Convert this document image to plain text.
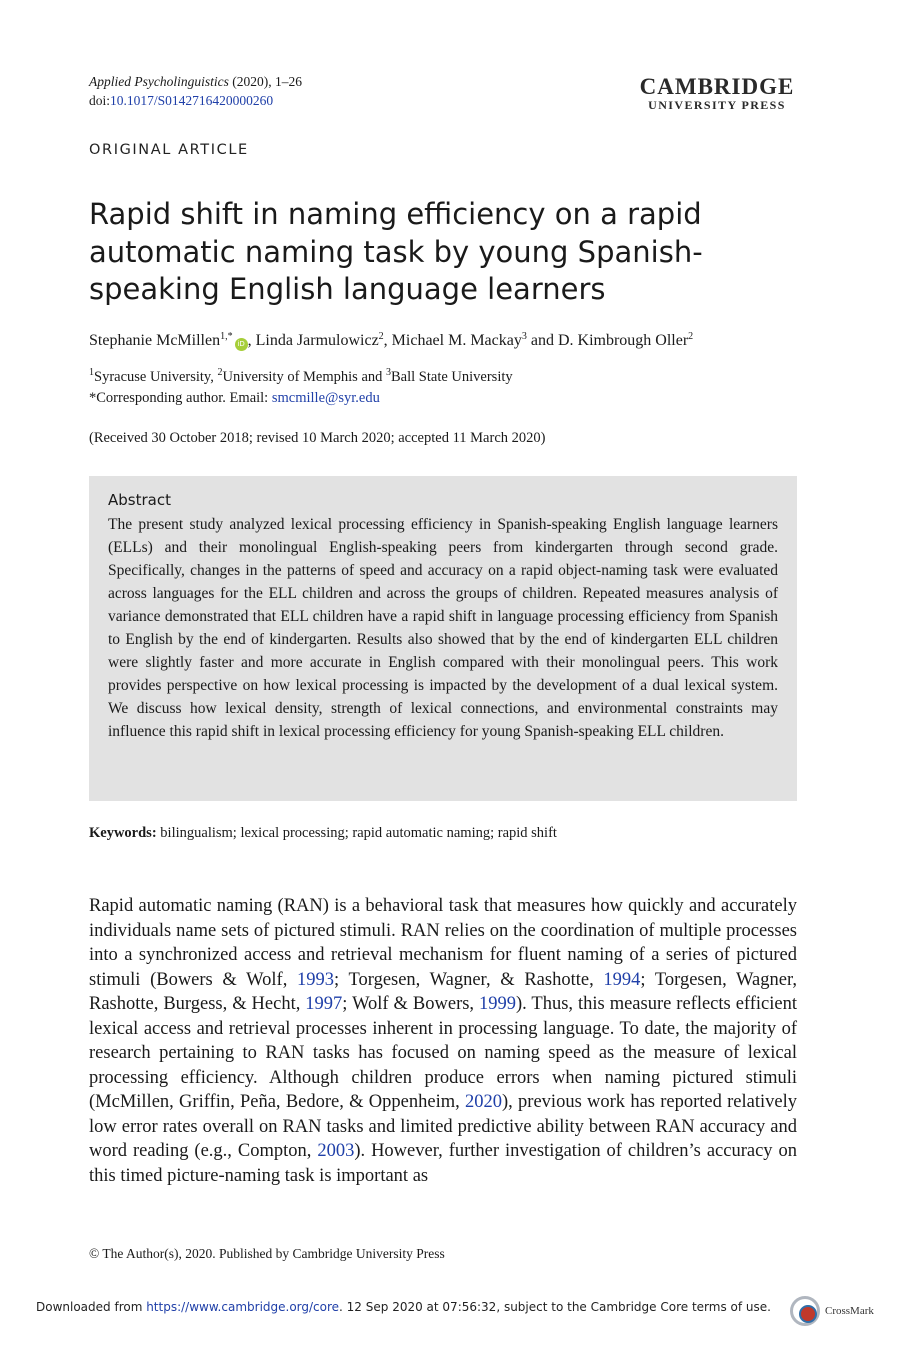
Applied Psycholinguistics (2020), 1–26
doi:10.1017/S0142716420000260
CAMBRIDGE
UNIVERSITY PRESS
ORIGINAL ARTICLE
Rapid shift in naming efficiency on a rapid automatic naming task by young Spanish-speaking English language learners
Stephanie McMillen$^{1,*}$iD , Linda Jarmulowicz$^2$, Michael M. Mackay$^3$ and D. Kimbrough Oller$^2$
$^1$Syracuse University, $^2$University of Memphis and $^3$Ball State University
*Corresponding author. Email: smcmille@syr.edu
(Received 30 October 2018; revised 10 March 2020; accepted 11 March 2020)
Abstract
The present study analyzed lexical processing efficiency in Spanish-speaking English language learners (ELLs) and their monolingual English-speaking peers from kindergarten through second grade. Specifically, changes in the patterns of speed and accuracy on a rapid object-naming task were evaluated across languages for the ELL children and across the groups of children. Repeated measures analysis of variance demonstrated that ELL children have a rapid shift in language processing efficiency from Spanish to English by the end of kindergarten. Results also showed that by the end of kindergarten ELL children were slightly faster and more accurate in English compared with their monolingual peers. This work provides perspective on how lexical processing is impacted by the development of a dual lexical system. We discuss how lexical density, strength of lexical connections, and environmental constraints may influence this rapid shift in lexical processing efficiency for young Spanish-speaking ELL children.
Keywords: bilingualism; lexical processing; rapid automatic naming; rapid shift
Rapid automatic naming (RAN) is a behavioral task that measures how quickly and accurately individuals name sets of pictured stimuli. RAN relies on the coordination of multiple processes into a synchronized access and retrieval mechanism for fluent naming of a series of pictured stimuli (Bowers & Wolf, 1993; Torgesen, Wagner, & Rashotte, 1994; Torgesen, Wagner, Rashotte, Burgess, & Hecht, 1997; Wolf & Bowers, 1999). Thus, this measure reflects efficient lexical access and retrieval processes inherent in processing language. To date, the majority of research pertaining to RAN tasks has focused on naming speed as the measure of lexical processing efficiency. Although children produce errors when naming pictured stimuli (McMillen, Griffin, Peña, Bedore, & Oppenheim, 2020), previous work has reported relatively low error rates overall on RAN tasks and limited predictive ability between RAN accuracy and word reading (e.g., Compton, 2003). However, further investigation of children’s accuracy on this timed picture-naming task is important as
© The Author(s), 2020. Published by Cambridge University Press
Downloaded from https://www.cambridge.org/core. 12 Sep 2020 at 07:56:32, subject to the Cambridge Core terms of use.	CrossMark
